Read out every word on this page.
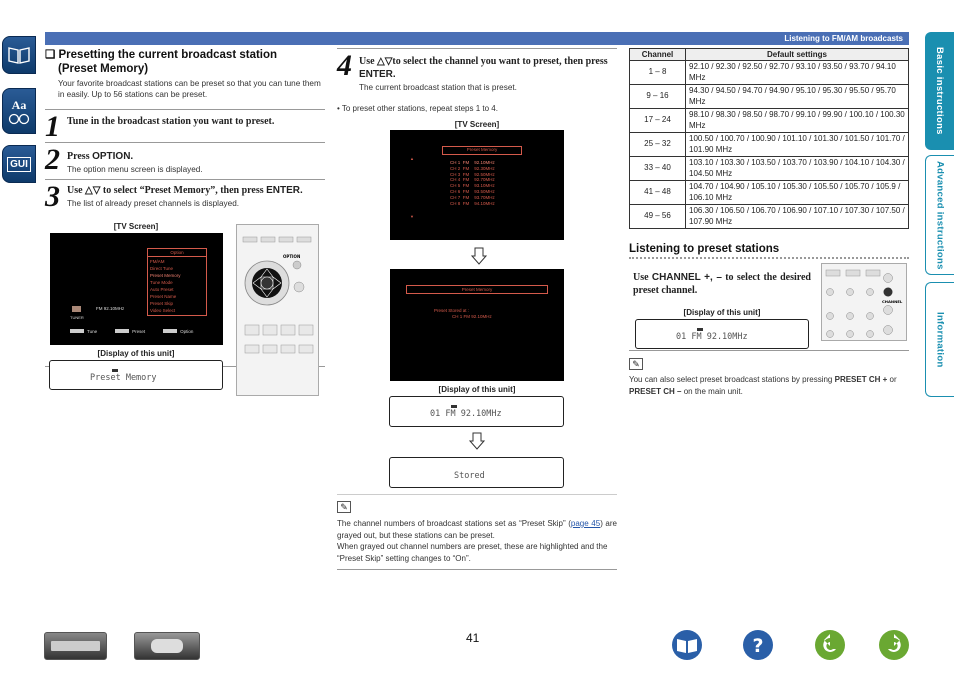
Aa
GUI
Basic instructions
Advanced instructions
Information
Listening to FM/AM broadcasts
❑ Presetting the current broadcast station
(Preset Memory)
Your favorite broadcast stations can be preset so that you can tune them in easily. Up to 56 stations can be preset.
1 Tune in the broadcast station you want to preset.
2 Press OPTION.
The option menu screen is displayed.
3 Use △▽ to select “Preset Memory”, then press ENTER.
The list of already preset channels is displayed.
[TV Screen]
Option
FM/AM
Direct Tune
Preset Memory
Tune Mode
Auto Preset
Preset Name
Preset Skip
Video Select
FM 92.10MHz
TUNER
Tune	Preset	Option
[Display of this unit]
Preset Memory
OPTION
4 Use △▽to select the channel you want to preset, then press ENTER.
The current broadcast station that is preset.
• To preset other stations, repeat steps 1 to 4.
[TV Screen]
Preset Memory
▲
CH 1  FM    92.10MHz
CH 2  FM    92.30MHz
CH 3  FM    92.50MHz
CH 4  FM    92.70MHz
CH 5  FM    93.10MHz
CH 6  FM    93.50MHz
CH 7  FM    93.70MHz
CH 8  FM    94.10MHz
▼
Preset Memory
Preset Stored at :
CH 1 FM 92.10MHz
[Display of this unit]
01 FM 92.10MHz
Stored
✎
The channel numbers of broadcast stations set as “Preset Skip” (page 45) are grayed out, but these stations can be preset.
When grayed out channel numbers are preset, these are highlighted and the “Preset Skip” setting changes to “On”.
Channel	Default settings
1 – 8	92.10 / 92.30 / 92.50 / 92.70 / 93.10 / 93.50 / 93.70 / 94.10 MHz
9 – 16	94.30 / 94.50 / 94.70 / 94.90 / 95.10 / 95.30 / 95.50 / 95.70 MHz
17 – 24	98.10 / 98.30 / 98.50 / 98.70 / 99.10 / 99.90 / 100.10 / 100.30 MHz
25 – 32	100.50 / 100.70 / 100.90 / 101.10 / 101.30 / 101.50 / 101.70 / 101.90 MHz
33 – 40	103.10 / 103.30 / 103.50 / 103.70 / 103.90 / 104.10 / 104.30 / 104.50 MHz
41 – 48	104.70 / 104.90 / 105.10 / 105.30 / 105.50 / 105.70 / 105.9 / 106.10 MHz
49 – 56	106.30 / 106.50 / 106.70 / 106.90 / 107.10 / 107.30 / 107.50 / 107.90 MHz
Listening to preset stations
Use CHANNEL +, – to select the desired preset channel.
[Display of this unit]
01 FM 92.10MHz
CHANNEL
✎
You can also select preset broadcast stations by pressing PRESET CH + or PRESET CH – on the main unit.
41	?
